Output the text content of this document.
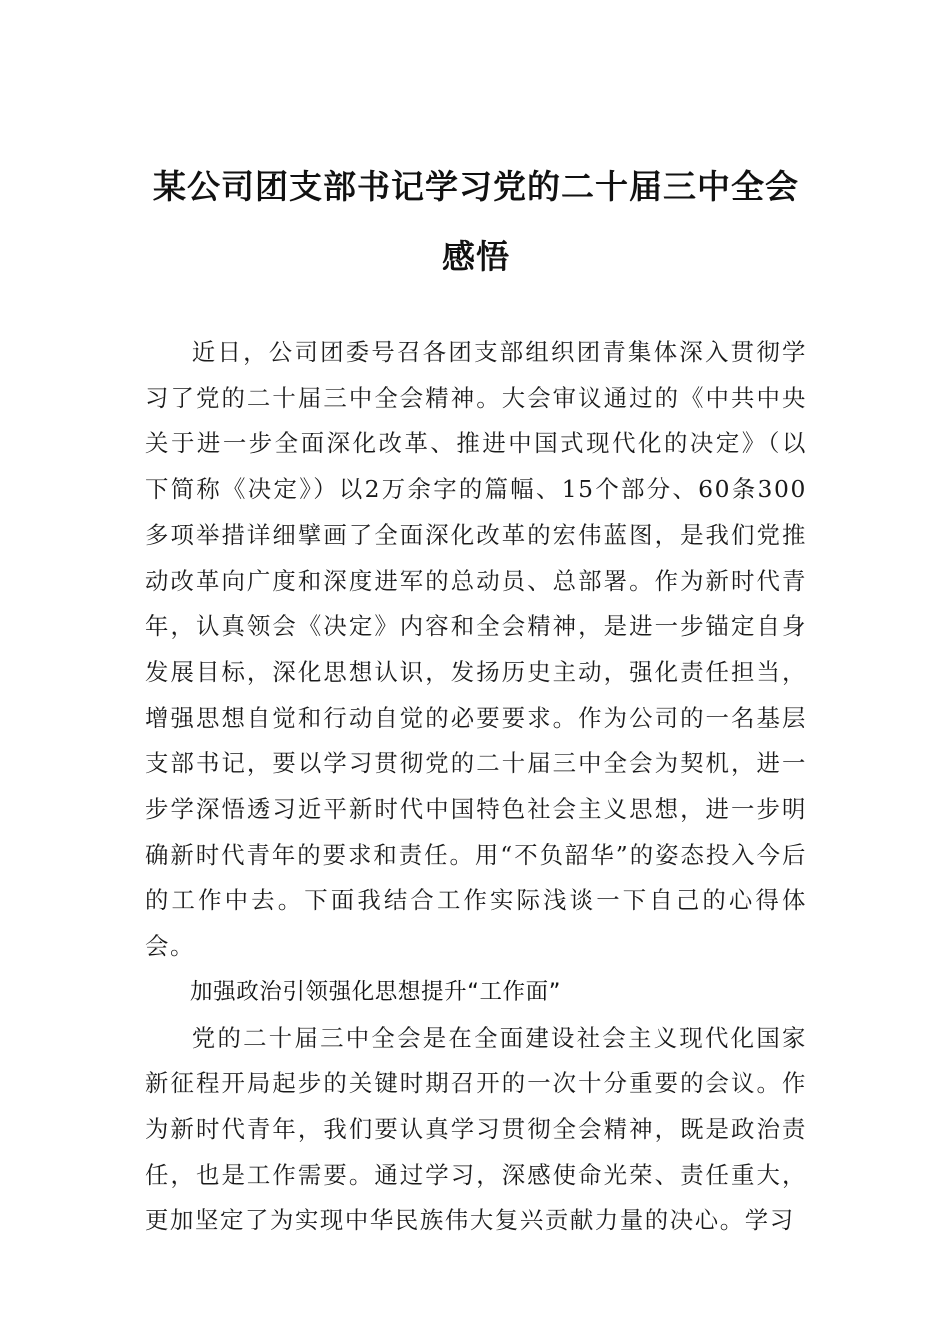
某公司团支部书记学习党的二十届三中全会感悟

近日，公司团委号召各团支部组织团青集体深入贯彻学习了党的二十届三中全会精神。大会审议通过的《中共中央关于进一步全面深化改革、推进中国式现代化的决定》（以下简称《决定》）以2万余字的篇幅、15个部分、60条300多项举措详细擘画了全面深化改革的宏伟蓝图，是我们党推动改革向广度和深度进军的总动员、总部署。作为新时代青年，认真领会《决定》内容和全会精神，是进一步锚定自身发展目标，深化思想认识，发扬历史主动，强化责任担当，增强思想自觉和行动自觉的必要要求。作为公司的一名基层支部书记，要以学习贯彻党的二十届三中全会为契机，进一步学深悟透习近平新时代中国特色社会主义思想，进一步明确新时代青年的要求和责任。用“不负韶华”的姿态投入今后的工作中去。下面我结合工作实际浅谈一下自己的心得体会。

加强政治引领强化思想提升“工作面”

党的二十届三中全会是在全面建设社会主义现代化国家新征程开局起步的关键时期召开的一次十分重要的会议。作为新时代青年，我们要认真学习贯彻全会精神，既是政治责任，也是工作需要。通过学习，深感使命光荣、责任重大，更加坚定了为实现中华民族伟大复兴贡献力量的决心。学习
